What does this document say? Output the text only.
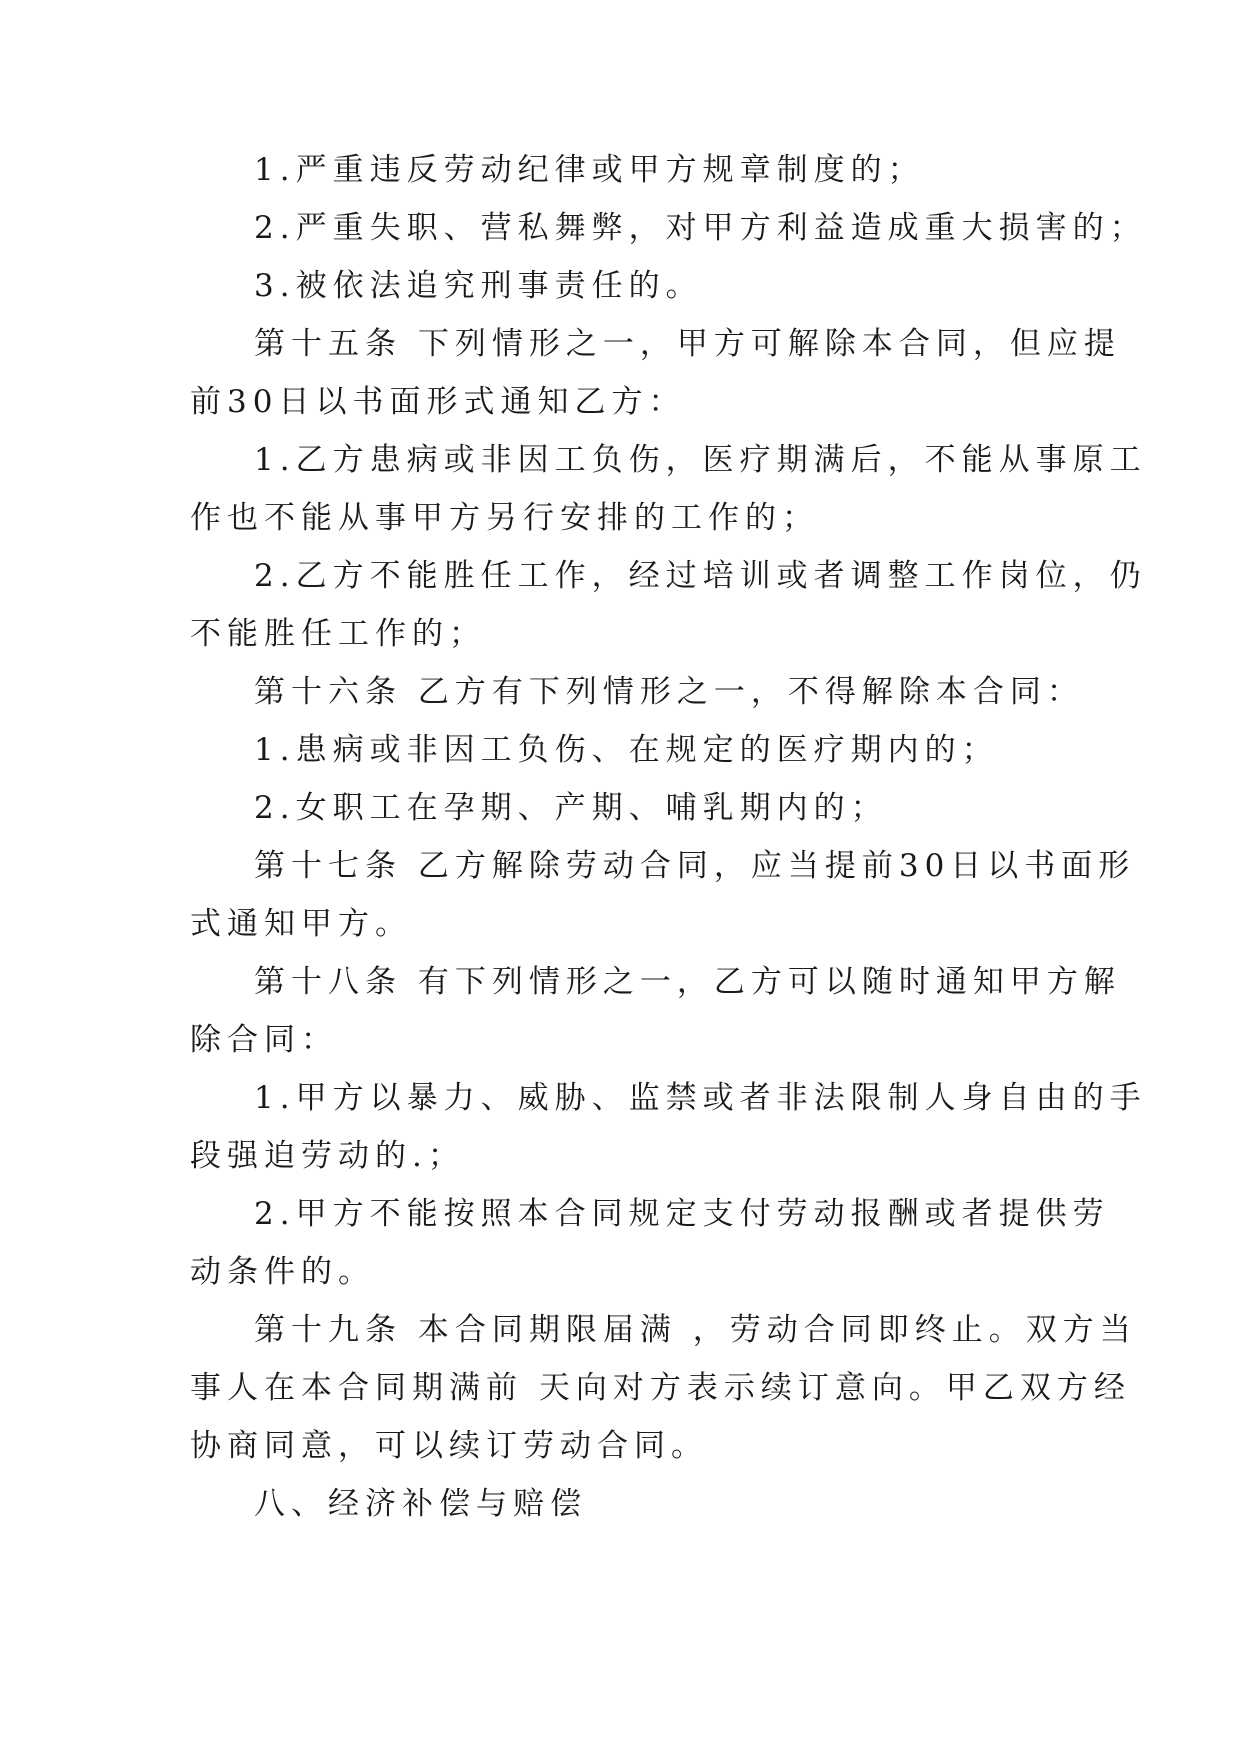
1.严重违反劳动纪律或甲方规章制度的；
2.严重失职、营私舞弊，对甲方利益造成重大损害的；
3.被依法追究刑事责任的。
第十五条 下列情形之一，甲方可解除本合同，但应提
前30日以书面形式通知乙方：
1.乙方患病或非因工负伤，医疗期满后，不能从事原工
作也不能从事甲方另行安排的工作的；
2.乙方不能胜任工作，经过培训或者调整工作岗位，仍
不能胜任工作的；
第十六条 乙方有下列情形之一，不得解除本合同：
1.患病或非因工负伤、在规定的医疗期内的；
2.女职工在孕期、产期、哺乳期内的；
第十七条 乙方解除劳动合同，应当提前30日以书面形
式通知甲方。
第十八条 有下列情形之一，乙方可以随时通知甲方解
除合同：
1.甲方以暴力、威胁、监禁或者非法限制人身自由的手
段强迫劳动的.；
2.甲方不能按照本合同规定支付劳动报酬或者提供劳
动条件的。
第十九条 本合同期限届满 ，劳动合同即终止。双方当
事人在本合同期满前 天向对方表示续订意向。甲乙双方经
协商同意，可以续订劳动合同。
八、经济补偿与赔偿
